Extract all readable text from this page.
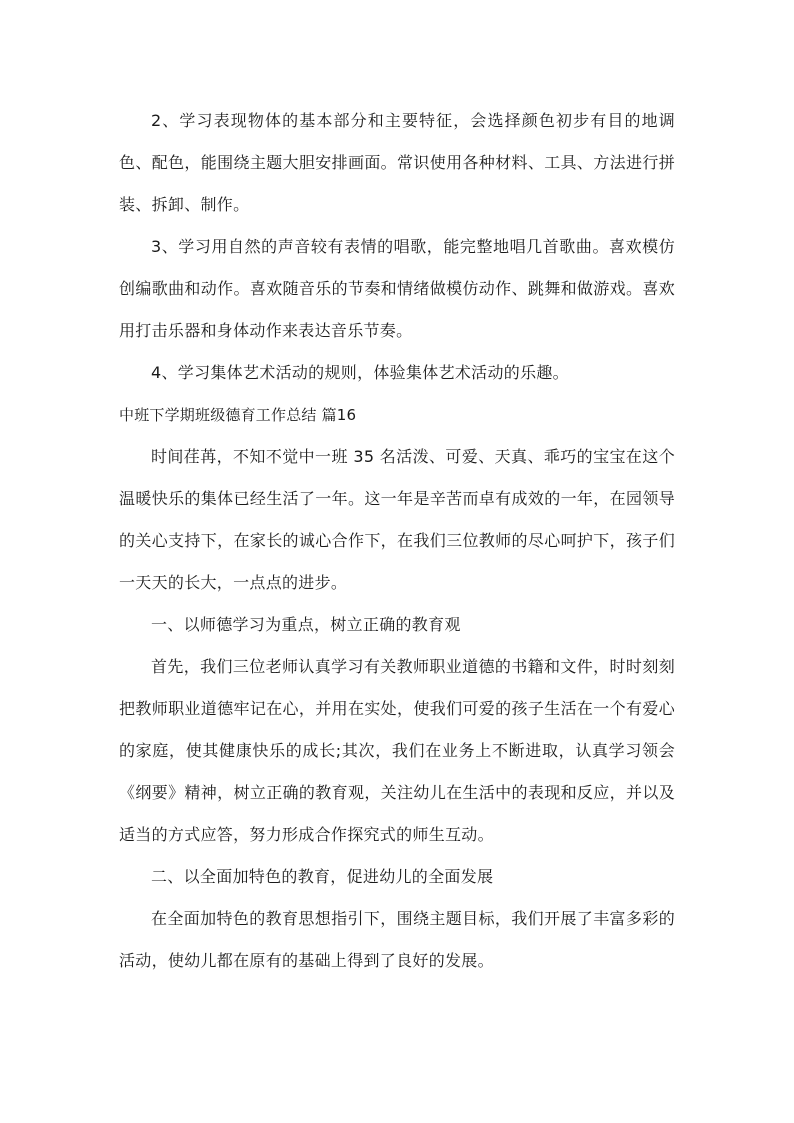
2、学习表现物体的基本部分和主要特征，会选择颜色初步有目的地调色、配色，能围绕主题大胆安排画面。常识使用各种材料、工具、方法进行拼装、拆卸、制作。

3、学习用自然的声音较有表情的唱歌，能完整地唱几首歌曲。喜欢模仿创编歌曲和动作。喜欢随音乐的节奏和情绪做模仿动作、跳舞和做游戏。喜欢用打击乐器和身体动作来表达音乐节奏。

4、学习集体艺术活动的规则，体验集体艺术活动的乐趣。

中班下学期班级德育工作总结 篇16

时间荏苒，不知不觉中一班 35 名活泼、可爱、天真、乖巧的宝宝在这个温暖快乐的集体已经生活了一年。这一年是辛苦而卓有成效的一年，在园领导的关心支持下，在家长的诚心合作下，在我们三位教师的尽心呵护下，孩子们一天天的长大，一点点的进步。

一、以师德学习为重点，树立正确的教育观

首先，我们三位老师认真学习有关教师职业道德的书籍和文件，时时刻刻把教师职业道德牢记在心，并用在实处，使我们可爱的孩子生活在一个有爱心的家庭，使其健康快乐的成长;其次，我们在业务上不断进取，认真学习领会《纲要》精神，树立正确的教育观，关注幼儿在生活中的表现和反应，并以及适当的方式应答，努力形成合作探究式的师生互动。

二、以全面加特色的教育，促进幼儿的全面发展

在全面加特色的教育思想指引下，围绕主题目标，我们开展了丰富多彩的活动，使幼儿都在原有的基础上得到了良好的发展。
